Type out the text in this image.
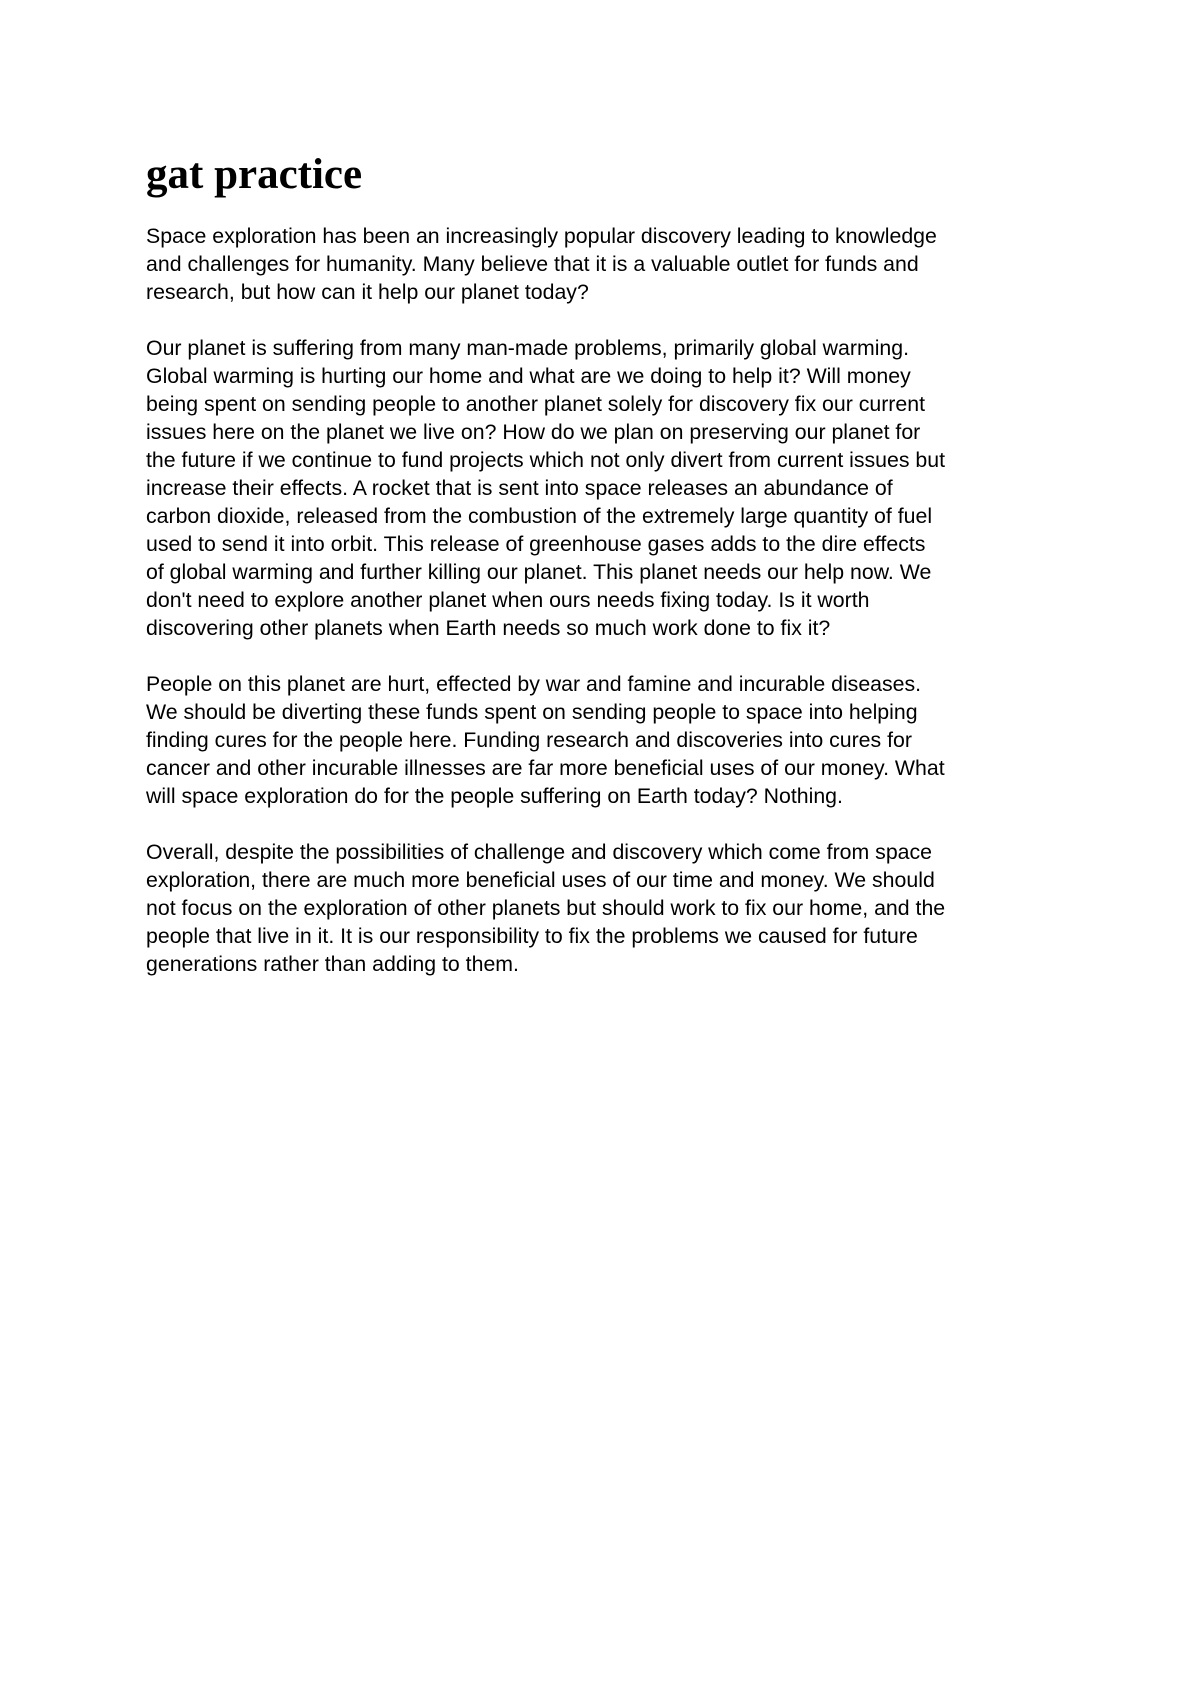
gat practice

Space exploration has been an increasingly popular discovery leading to knowledge
and challenges for humanity. Many believe that it is a valuable outlet for funds and
research, but how can it help our planet today?

Our planet is suffering from many man-made problems, primarily global warming.
Global warming is hurting our home and what are we doing to help it? Will money
being spent on sending people to another planet solely for discovery fix our current
issues here on the planet we live on? How do we plan on preserving our planet for
the future if we continue to fund projects which not only divert from current issues but
increase their effects. A rocket that is sent into space releases an abundance of
carbon dioxide, released from the combustion of the extremely large quantity of fuel
used to send it into orbit. This release of greenhouse gases adds to the dire effects
of global warming and further killing our planet. This planet needs our help now. We
don't need to explore another planet when ours needs fixing today. Is it worth
discovering other planets when Earth needs so much work done to fix it?

People on this planet are hurt, effected by war and famine and incurable diseases.
We should be diverting these funds spent on sending people to space into helping
finding cures for the people here. Funding research and discoveries into cures for
cancer and other incurable illnesses are far more beneficial uses of our money. What
will space exploration do for the people suffering on Earth today? Nothing.

Overall, despite the possibilities of challenge and discovery which come from space
exploration, there are much more beneficial uses of our time and money. We should
not focus on the exploration of other planets but should work to fix our home, and the
people that live in it. It is our responsibility to fix the problems we caused for future
generations rather than adding to them.
